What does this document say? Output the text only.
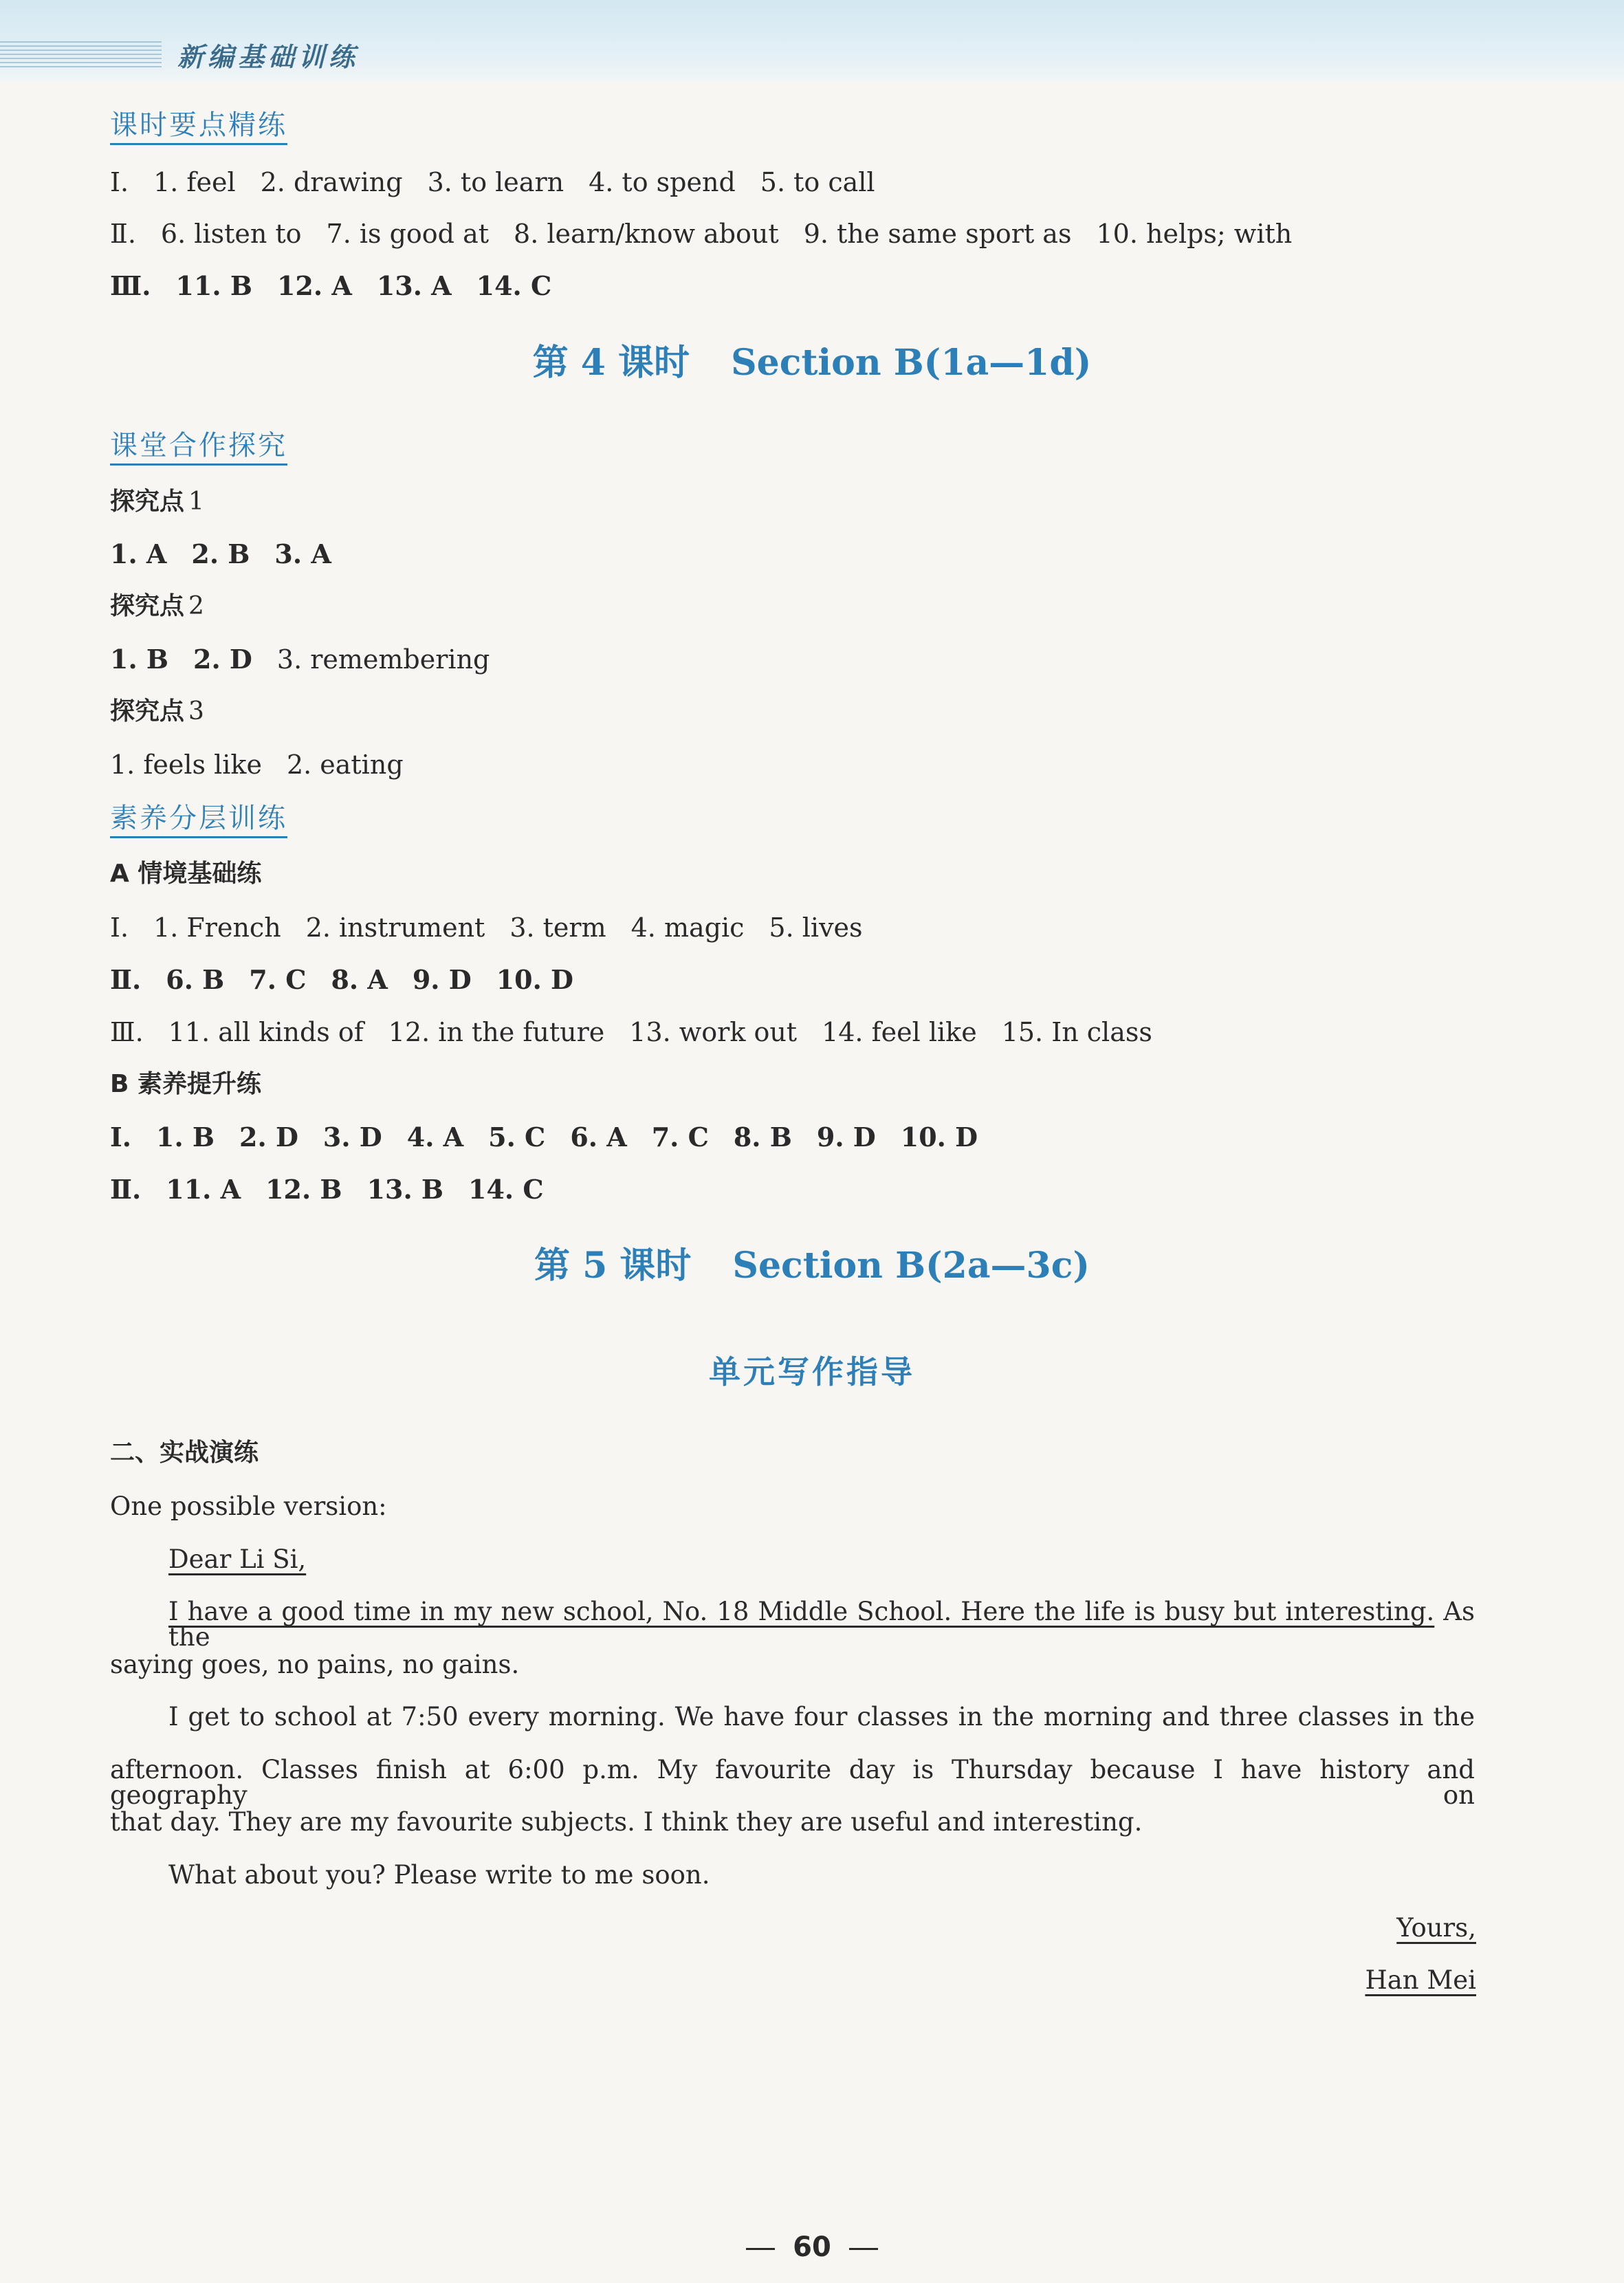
新编基础训练
课时要点精练
Ⅰ. 1. feel 2. drawing 3. to learn 4. to spend 5. to call
Ⅱ. 6. listen to 7. is good at 8. learn/know about 9. the same sport as 10. helps; with
Ⅲ. 11. B 12. A 13. A 14. C
第 4 课时 Section B(1a—1d)
课堂合作探究
探究点 1
1. A 2. B 3. A
探究点 2
1. B 2. D 3. remembering
探究点 3
1. feels like 2. eating
素养分层训练
A 情境基础练
Ⅰ. 1. French 2. instrument 3. term 4. magic 5. lives
Ⅱ. 6. B 7. C 8. A 9. D 10. D
Ⅲ. 11. all kinds of 12. in the future 13. work out 14. feel like 15. In class
B 素养提升练
Ⅰ. 1. B 2. D 3. D 4. A 5. C 6. A 7. C 8. B 9. D 10. D
Ⅱ. 11. A 12. B 13. B 14. C
第 5 课时 Section B(2a—3c)
单元写作指导
二、实战演练
One possible version:
Dear Li Si,
I have a good time in my new school, No. 18 Middle School. Here the life is busy but interesting. As the
saying goes, no pains, no gains.
I get to school at 7:50 every morning. We have four classes in the morning and three classes in the
afternoon. Classes finish at 6:00 p.m. My favourite day is Thursday because I have history and geography on
that day. They are my favourite subjects. I think they are useful and interesting.
What about you? Please write to me soon.
Yours,
Han Mei
60
